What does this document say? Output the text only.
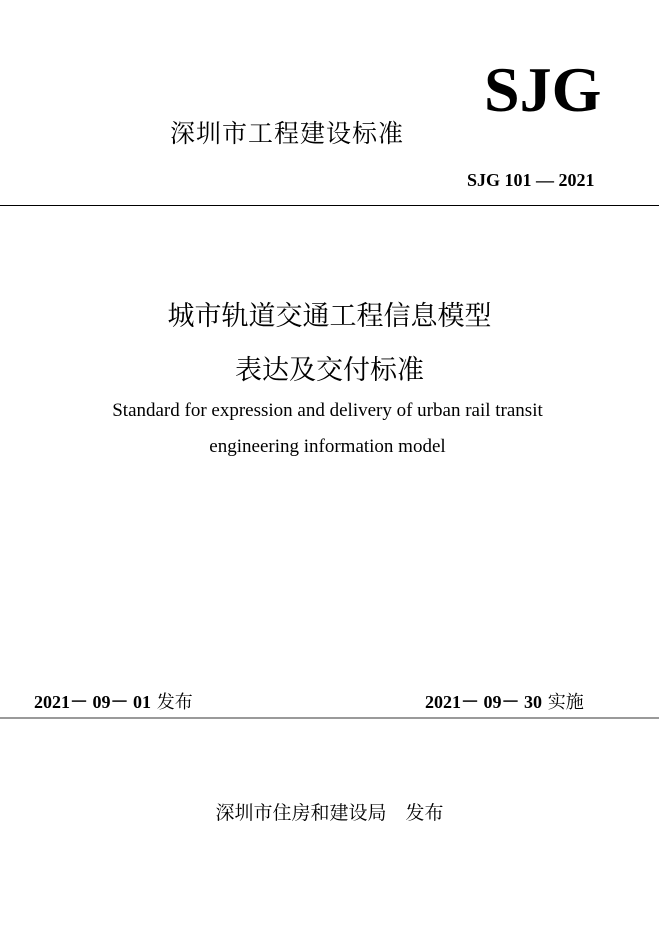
深圳市工程建设标准
SJG
SJG 101 — 2021
城市轨道交通工程信息模型
表达及交付标准
Standard for expression and delivery of urban rail transit
engineering information model
2021－ 09－ 01 发布	2021－ 09－ 30 实施
深圳市住房和建设局　发布
